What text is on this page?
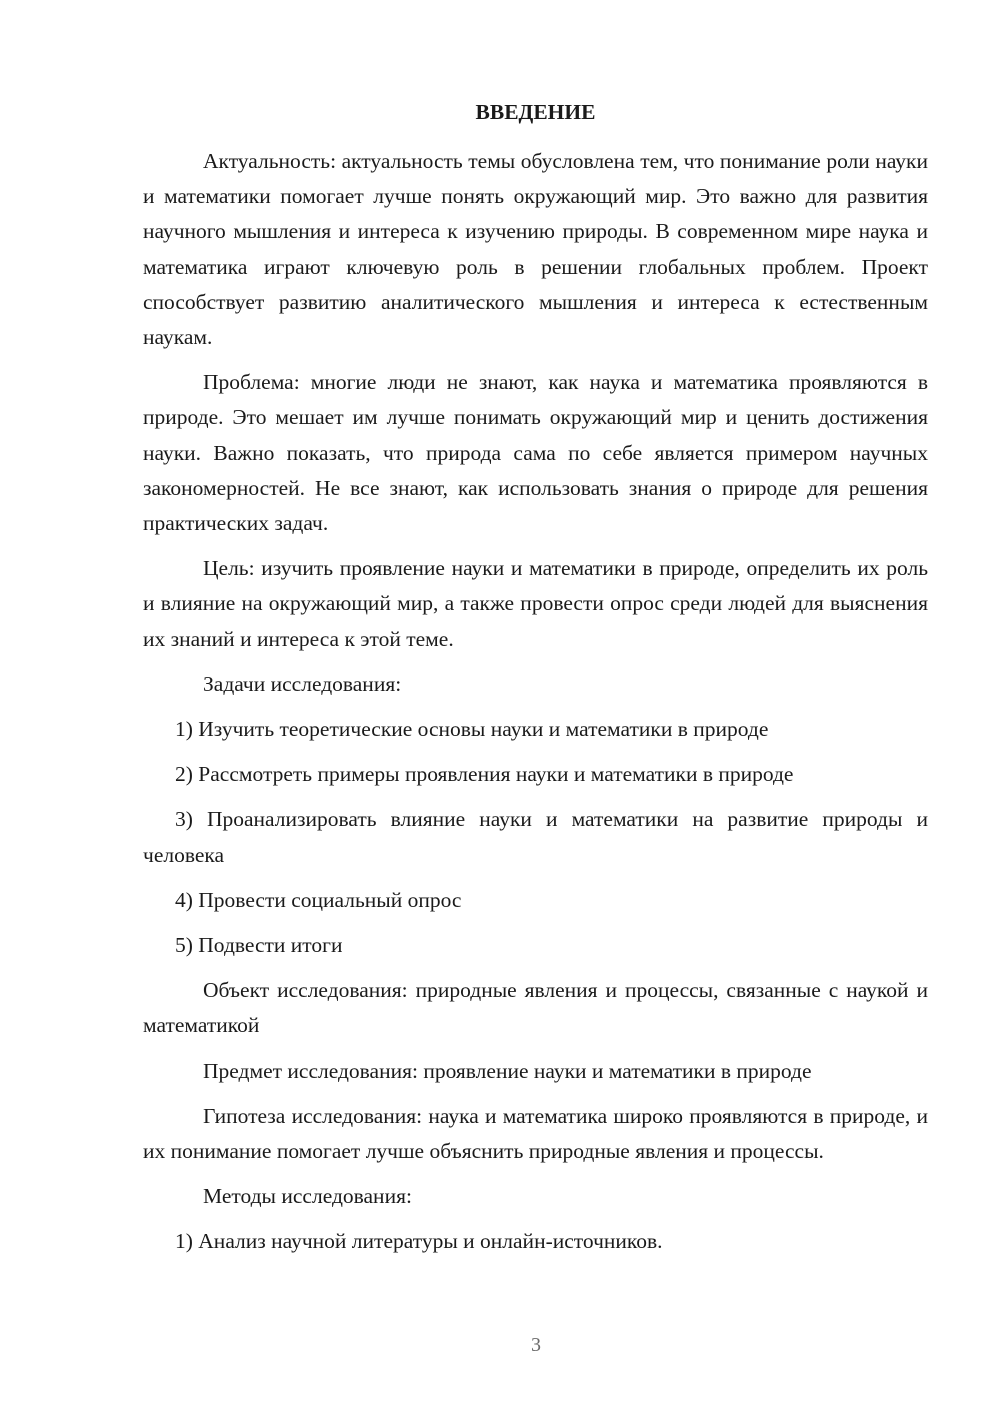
ВВЕДЕНИЕ

Актуальность: актуальность темы обусловлена тем, что понимание роли науки и математики помогает лучше понять окружающий мир. Это важно для развития научного мышления и интереса к изучению природы. В современном мире наука и математика играют ключевую роль в решении глобальных проблем. Проект способствует развитию аналитического мышления и интереса к естественным наукам.

Проблема: многие люди не знают, как наука и математика проявляются в природе. Это мешает им лучше понимать окружающий мир и ценить достижения науки. Важно показать, что природа сама по себе является примером научных закономерностей. Не все знают, как использовать знания о природе для решения практических задач.

Цель: изучить проявление науки и математики в природе, определить их роль и влияние на окружающий мир, а также провести опрос среди людей для выяснения их знаний и интереса к этой теме.

Задачи исследования:

1) Изучить теоретические основы науки и математики в природе

2) Рассмотреть примеры проявления науки и математики в природе

3) Проанализировать влияние науки и математики на развитие природы и человека

4) Провести социальный опрос

5) Подвести итоги

Объект исследования: природные явления и процессы, связанные с наукой и математикой

Предмет исследования: проявление науки и математики в природе

Гипотеза исследования: наука и математика широко проявляются в природе, и их понимание помогает лучше объяснить природные явления и процессы.

Методы исследования:

1) Анализ научной литературы и онлайн-источников.

3
